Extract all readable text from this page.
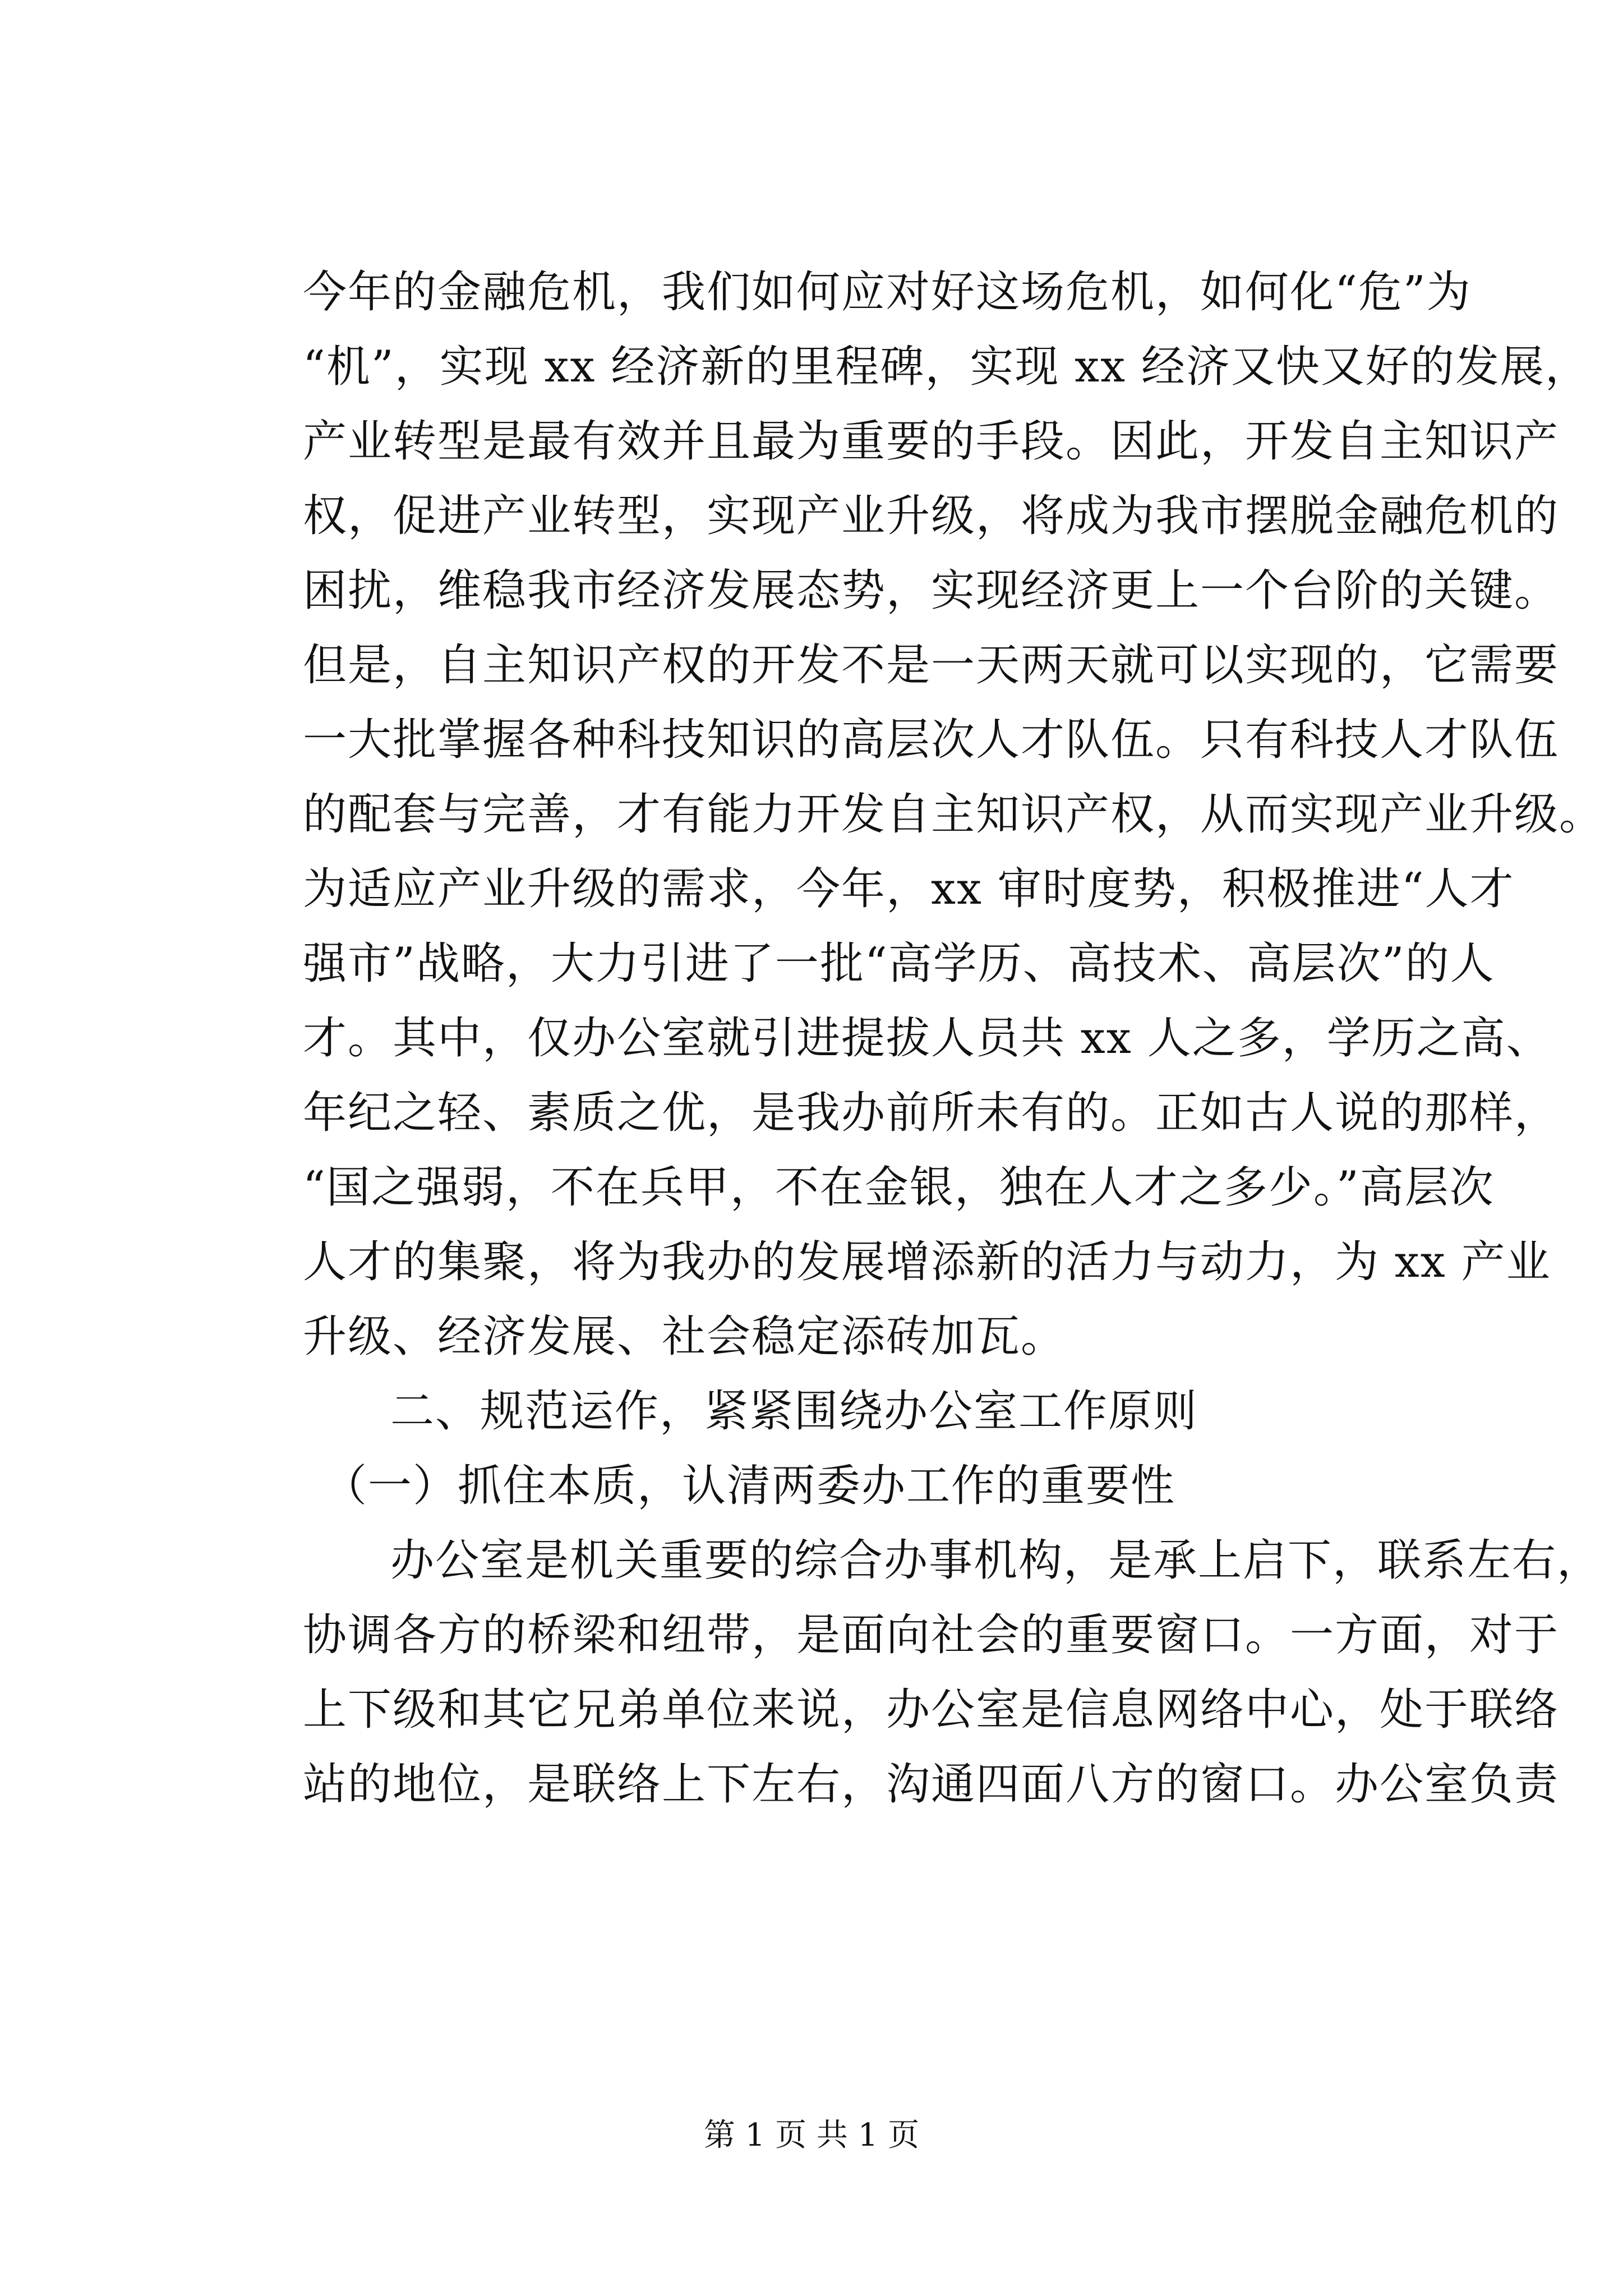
今年的金融危机，我们如何应对好这场危机，如何化“危”为
“机”，实现 xx 经济新的里程碑，实现 xx 经济又快又好的发展，
产业转型是最有效并且最为重要的手段。因此，开发自主知识产
权，促进产业转型，实现产业升级，将成为我市摆脱金融危机的
困扰，维稳我市经济发展态势，实现经济更上一个台阶的关键。
但是，自主知识产权的开发不是一天两天就可以实现的，它需要
一大批掌握各种科技知识的高层次人才队伍。只有科技人才队伍
的配套与完善，才有能力开发自主知识产权，从而实现产业升级。
为适应产业升级的需求，今年，xx 审时度势，积极推进“人才
强市”战略，大力引进了一批“高学历、高技术、高层次”的人
才。其中，仅办公室就引进提拔人员共 xx 人之多，学历之高、
年纪之轻、素质之优，是我办前所未有的。正如古人说的那样，
“国之强弱，不在兵甲，不在金银，独在人才之多少。”高层次
人才的集聚，将为我办的发展增添新的活力与动力，为 xx 产业
升级、经济发展、社会稳定添砖加瓦。
二、规范运作，紧紧围绕办公室工作原则
（一）抓住本质，认清两委办工作的重要性
办公室是机关重要的综合办事机构，是承上启下，联系左右，
协调各方的桥梁和纽带，是面向社会的重要窗口。一方面，对于
上下级和其它兄弟单位来说，办公室是信息网络中心，处于联络
站的地位，是联络上下左右，沟通四面八方的窗口。办公室负责
第 1 页 共 1 页
